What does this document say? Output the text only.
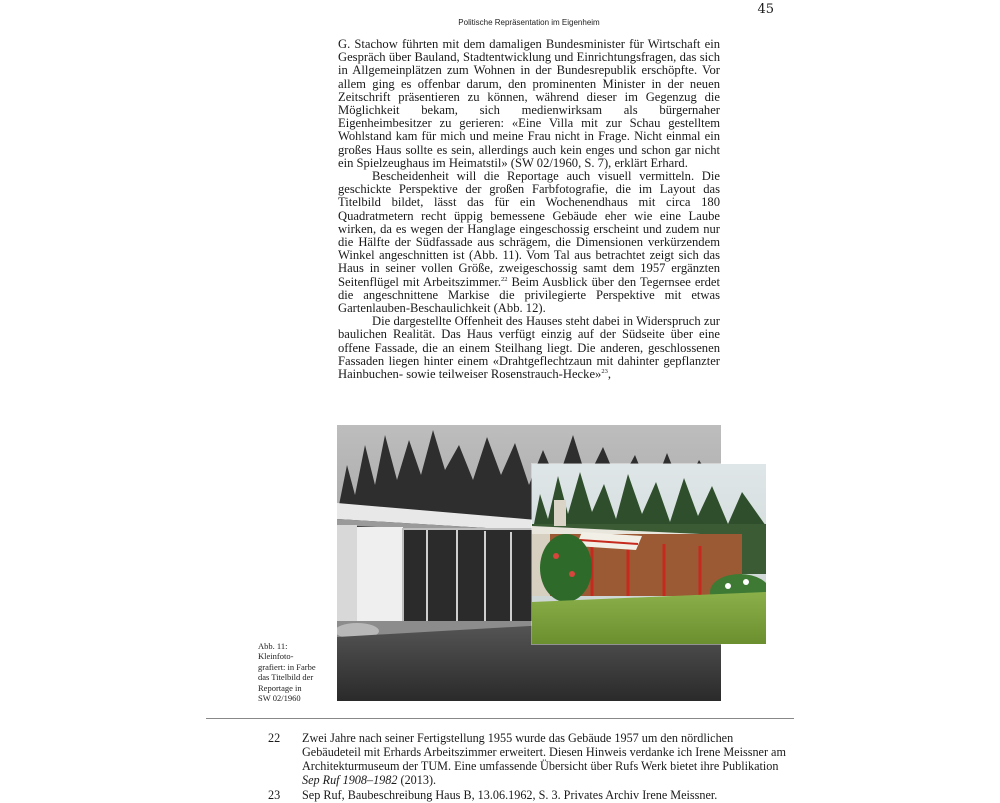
45
Politische Repräsentation im Eigenheim

G. Stachow führten mit dem damaligen Bundesminister für Wirtschaft ein Gespräch über Bauland, Stadtentwicklung und Einrichtungsfragen, das sich in Allgemeinplätzen zum Wohnen in der Bundesrepublik erschöpfte. Vor allem ging es offenbar darum, den prominenten Minister in der neuen Zeitschrift präsentieren zu können, während dieser im Gegenzug die Möglichkeit bekam, sich medienwirksam als bürgernaher Eigenheimbesitzer zu gerieren: «Eine Villa mit zur Schau gestelltem Wohlstand kam für mich und meine Frau nicht in Frage. Nicht einmal ein großes Haus sollte es sein, allerdings auch kein enges und schon gar nicht ein Spielzeughaus im Heimatstil» (SW 02/1960, S. 7), erklärt Erhard.

Bescheidenheit will die Reportage auch visuell vermitteln. Die geschickte Perspektive der großen Farbfotografie, die im Layout das Titelbild bildet, lässt das für ein Wochenendhaus mit circa 180 Quadratmetern recht üppig bemessene Gebäude eher wie eine Laube wirken, da es wegen der Hanglage eingeschossig erscheint und zudem nur die Hälfte der Südfassade aus schrägem, die Dimensionen verkürzendem Winkel angeschnitten ist (Abb. 11). Vom Tal aus betrachtet zeigt sich das Haus in seiner vollen Größe, zweigeschossig samt dem 1957 ergänzten Seitenflügel mit Arbeitszimmer.$^{22}$ Beim Ausblick über den Tegernsee erdet die angeschnittene Markise die privilegierte Perspektive mit etwas Gartenlauben-Beschaulichkeit (Abb. 12).

Die dargestellte Offenheit des Hauses steht dabei in Widerspruch zur baulichen Realität. Das Haus verfügt einzig auf der Südseite über eine offene Fassade, die an einem Steilhang liegt. Die anderen, geschlossenen Fassaden liegen hinter einem «Drahtgeflechtzaun mit dahinter gepflanzter Hainbuchen- sowie teilweiser Rosenstrauch-Hecke»$^{23}$,

Abb. 11:
Kleinfoto-
grafiert: in Farbe
das Titelbild der
Reportage in
SW 02/1960
22	Zwei Jahre nach seiner Fertigstellung 1955 wurde das Gebäude 1957 um den nördlichen Gebäudeteil mit Erhards Arbeitszimmer erweitert. Diesen Hinweis verdanke ich Irene Meissner am Architekturmuseum der TUM. Eine umfassende Übersicht über Rufs Werk bietet ihre Publikation Sep Ruf 1908–1982 (2013).
23	Sep Ruf, Baubeschreibung Haus B, 13.06.1962, S. 3. Privates Archiv Irene Meissner.
